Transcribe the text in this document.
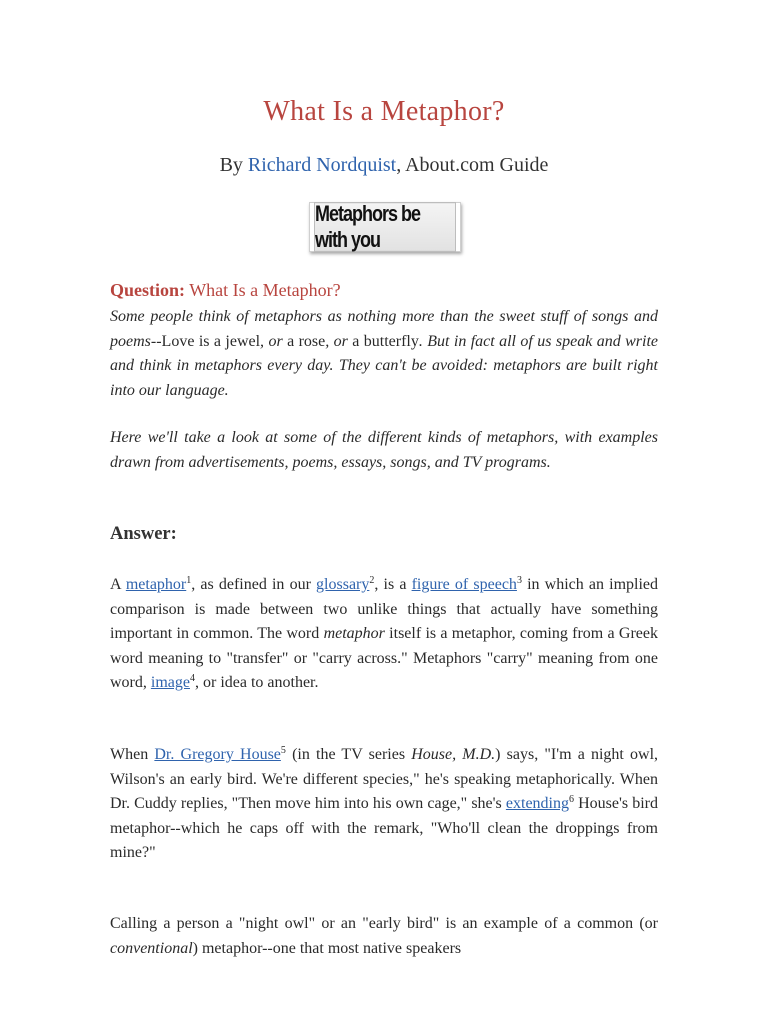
What Is a Metaphor?
By Richard Nordquist, About.com Guide
Metaphors be with you
Question: What Is a Metaphor?
Some people think of metaphors as nothing more than the sweet stuff of songs and poems--Love is a jewel, or a rose, or a butterfly. But in fact all of us speak and write and think in metaphors every day. They can't be avoided: metaphors are built right into our language.
Here we'll take a look at some of the different kinds of metaphors, with examples drawn from advertisements, poems, essays, songs, and TV programs.
Answer:
A metaphor$^1$, as defined in our glossary$^2$, is a figure of speech$^3$ in which an implied comparison is made between two unlike things that actually have something important in common. The word metaphor itself is a metaphor, coming from a Greek word meaning to "transfer" or "carry across." Metaphors "carry" meaning from one word, image$^4$, or idea to another.
When Dr. Gregory House$^5$ (in the TV series House, M.D.) says, "I'm a night owl, Wilson's an early bird. We're different species," he's speaking metaphorically. When Dr. Cuddy replies, "Then move him into his own cage," she's extending$^6$ House's bird metaphor--which he caps off with the remark, "Who'll clean the droppings from mine?"
Calling a person a "night owl" or an "early bird" is an example of a common (or conventional) metaphor--one that most native speakers
